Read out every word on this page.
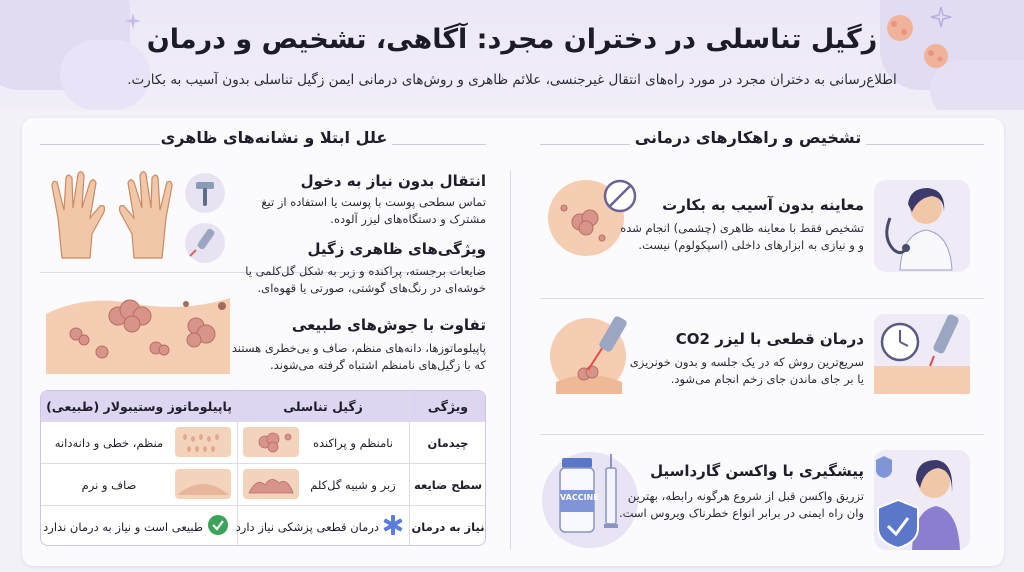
زگیل تناسلی در دختران مجرد: آگاهی، تشخیص و درمان
اطلاع‌رسانی به دختران مجرد در مورد راه‌های انتقال غیرجنسی، علائم ظاهری و روش‌های درمانی ایمن زگیل تناسلی بدون آسیب به بکارت.
علل ابتلا و نشانه‌های ظاهری	تشخیص و راهکارهای درمانی
انتقال بدون نیاز به دخول
تماس سطحی پوست با پوست یا استفاده از تیغ
مشترک و دستگاه‌های لیزر آلوده.
ویژگی‌های ظاهری زگیل
ضایعات برجسته، پراکنده و زبر به شکل گل‌کلمی یا
خوشه‌ای در رنگ‌های گوشتی، صورتی یا قهوه‌ای.
تفاوت با جوش‌های طبیعی
پاپیلوماتوزها، دانه‌های منظم، صاف و بی‌خطری هستند
که با زگیل‌های نامنظم اشتباه گرفته می‌شوند.
ویژگی
زگیل تناسلی
پاپیلوماتوز وستیبولار (طبیعی)
چیدمان
نامنظم و پراکنده
منظم، خطی و دانه‌دانه
سطح ضایعه
زبر و شبیه گل‌کلم
صاف و نرم
نیاز به درمان
درمان قطعی پزشکی نیاز دارد
طبیعی است و نیاز به درمان ندارد
VACCINE
معاینه بدون آسیب به بکارت
تشخیص فقط با معاینه ظاهری (چشمی) انجام شده
و و نیازی به ابزارهای داخلی (اسپکولوم) نیست.
درمان قطعی با لیزر CO2
سریع‌ترین روش که در یک جلسه و بدون خونریزی
یا بر جای ماندن جای زخم انجام می‌شود.
پیشگیری با واکسن گارداسیل
تزریق واکسن قبل از شروع هرگونه رابطه، بهترین
وان راه ایمنی در برابر انواع خطرناک ویروس است.
